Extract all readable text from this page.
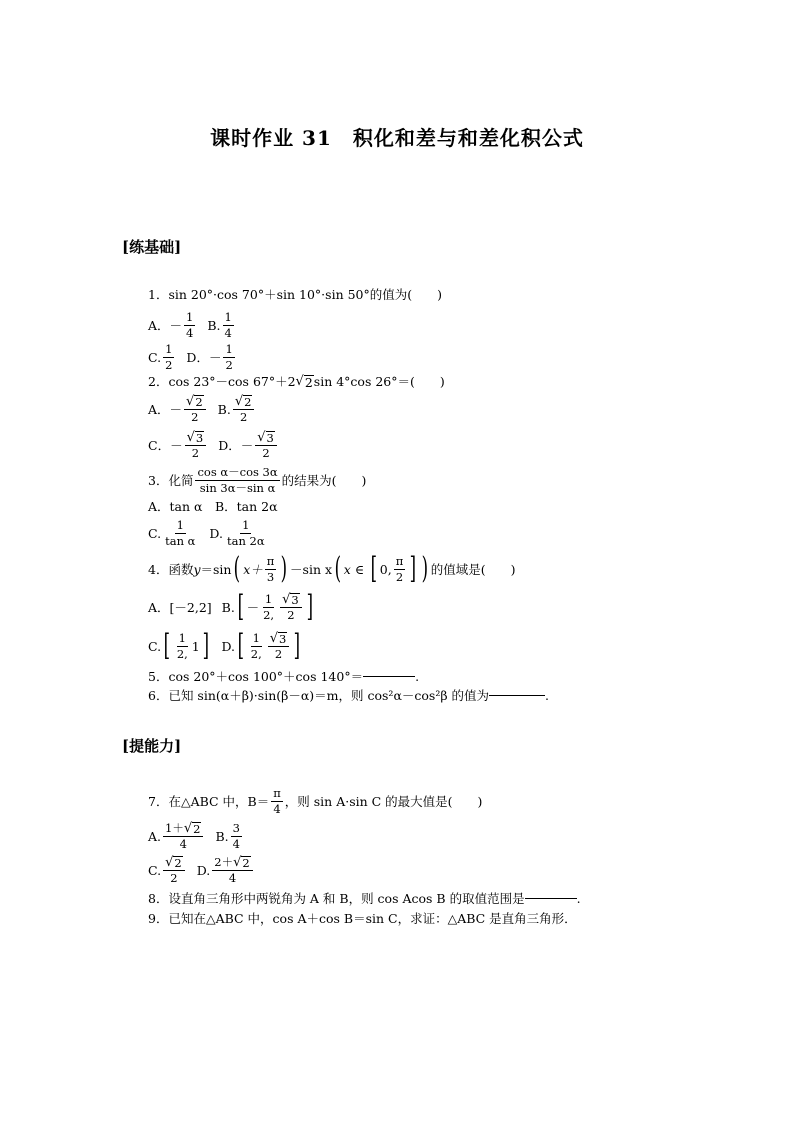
课时作业 31　积化和差与和差化积公式
[练基础]
1．sin 20°·cos 70°＋sin 10°·sin 50°的值为(　　)
A．－ $\frac{1}{4} B$. $\frac{1}{4}$
C. $\frac{1}{2}$ D．－ $\frac{1}{2}$
2．cos 23°－cos 67°＋2 √ 2 sin 4°cos 26°＝(　　)
A．－ $\frac{√ 2}{2} B$. $\frac{√ 2}{2}$
C．－ $\frac{√ 3}{2}$ D．－ $\frac{√ 3}{2}$
3．化简 $\frac{\text{cos α－cos 3α}}{\text{sin 3α－sin α}}$ 的结果为(　　)
A．tan α　B．tan 2α
C. $\frac{1}{\text{tan α}} D$. $\frac{1}{\tan 2\alpha}$
4．函数 y ＝sin ( $x+ \frac{\pi}{3}$ ) －sin x ( x
∈
[ 0, $\frac{\pi}{2}$ ] ) 的值域是(　　)
A．[－2,2] B. [ － $\frac{1}{2,} \frac{√ 3}{2}$ ]
C. [ $\frac{1}{2,} 1$ ] D. [ $\frac{1}{2,} \frac{√ 3}{2}$ ]
5．cos 20°＋cos 100°＋cos 140°＝	.
6．已知 sin(α＋β)·sin(β－α)＝m，则 cos²α－cos²β 的值为	.
[提能力]
7．在△ABC 中，$B= \frac{\pi}{4}$ ，则 sin A·sin C 的最大值是(　　)
A. $\frac{1+ √ 2}{4} B$. $\frac{3}{4}$
C. $\frac{√ 2}{2} D$. $\frac{2+ √ 2}{4}$
8．设直角三角形中两锐角为 A 和 B，则 cos Acos B 的取值范围是	.
9．已知在△ABC 中，cos A＋cos B＝sin C，求证：△ABC 是直角三角形．
